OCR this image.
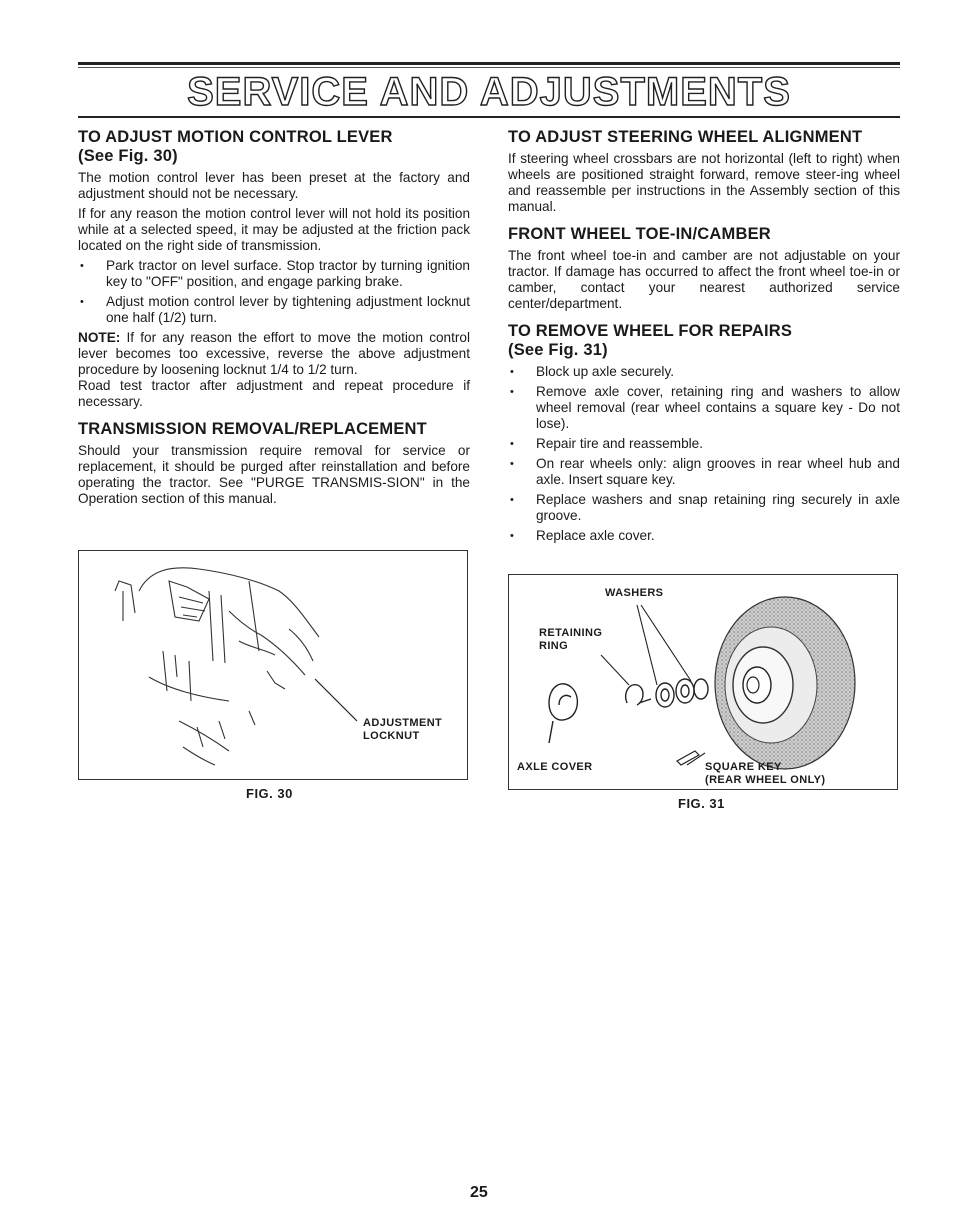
SERVICE AND ADJUSTMENTS
TO ADJUST MOTION CONTROL LEVER
(See Fig. 30)

The motion control lever has been preset at the factory and adjustment should not be necessary.

If for any reason the motion control lever will not hold its position while at a selected speed, it may be adjusted at the friction pack located on the right side of transmission.

• Park tractor on level surface. Stop tractor by turning ignition key to "OFF" position, and engage parking brake.
• Adjust motion control lever by tightening adjustment locknut one half (1/2) turn.

NOTE: If for any reason the effort to move the motion control lever becomes too excessive, reverse the above adjustment procedure by loosening locknut 1/4 to 1/2 turn.

Road test tractor after adjustment and repeat procedure if necessary.

TRANSMISSION REMOVAL/REPLACEMENT

Should your transmission require removal for service or replacement, it should be purged after reinstallation and before operating the tractor. See "PURGE TRANSMIS-SION" in the Operation section of this manual.

ADJUSTMENT
LOCKNUT
FIG. 30
TO ADJUST STEERING WHEEL ALIGNMENT

If steering wheel crossbars are not horizontal (left to right) when wheels are positioned straight forward, remove steer-ing wheel and reassemble per instructions in the Assembly section of this manual.

FRONT WHEEL TOE-IN/CAMBER

The front wheel toe-in and camber are not adjustable on your tractor. If damage has occurred to affect the front wheel toe-in or camber, contact your nearest authorized service center/department.

TO REMOVE WHEEL FOR REPAIRS
(See Fig. 31)
• Block up axle securely.
• Remove axle cover, retaining ring and washers to allow wheel removal (rear wheel contains a square key - Do not lose).
• Repair tire and reassemble.
• On rear wheels only: align grooves in rear wheel hub and axle. Insert square key.
• Replace washers and snap retaining ring securely in axle groove.
• Replace axle cover.
WASHERS
RETAINING
RING
AXLE COVER	SQUARE KEY
(REAR WHEEL ONLY)
FIG. 31
25
